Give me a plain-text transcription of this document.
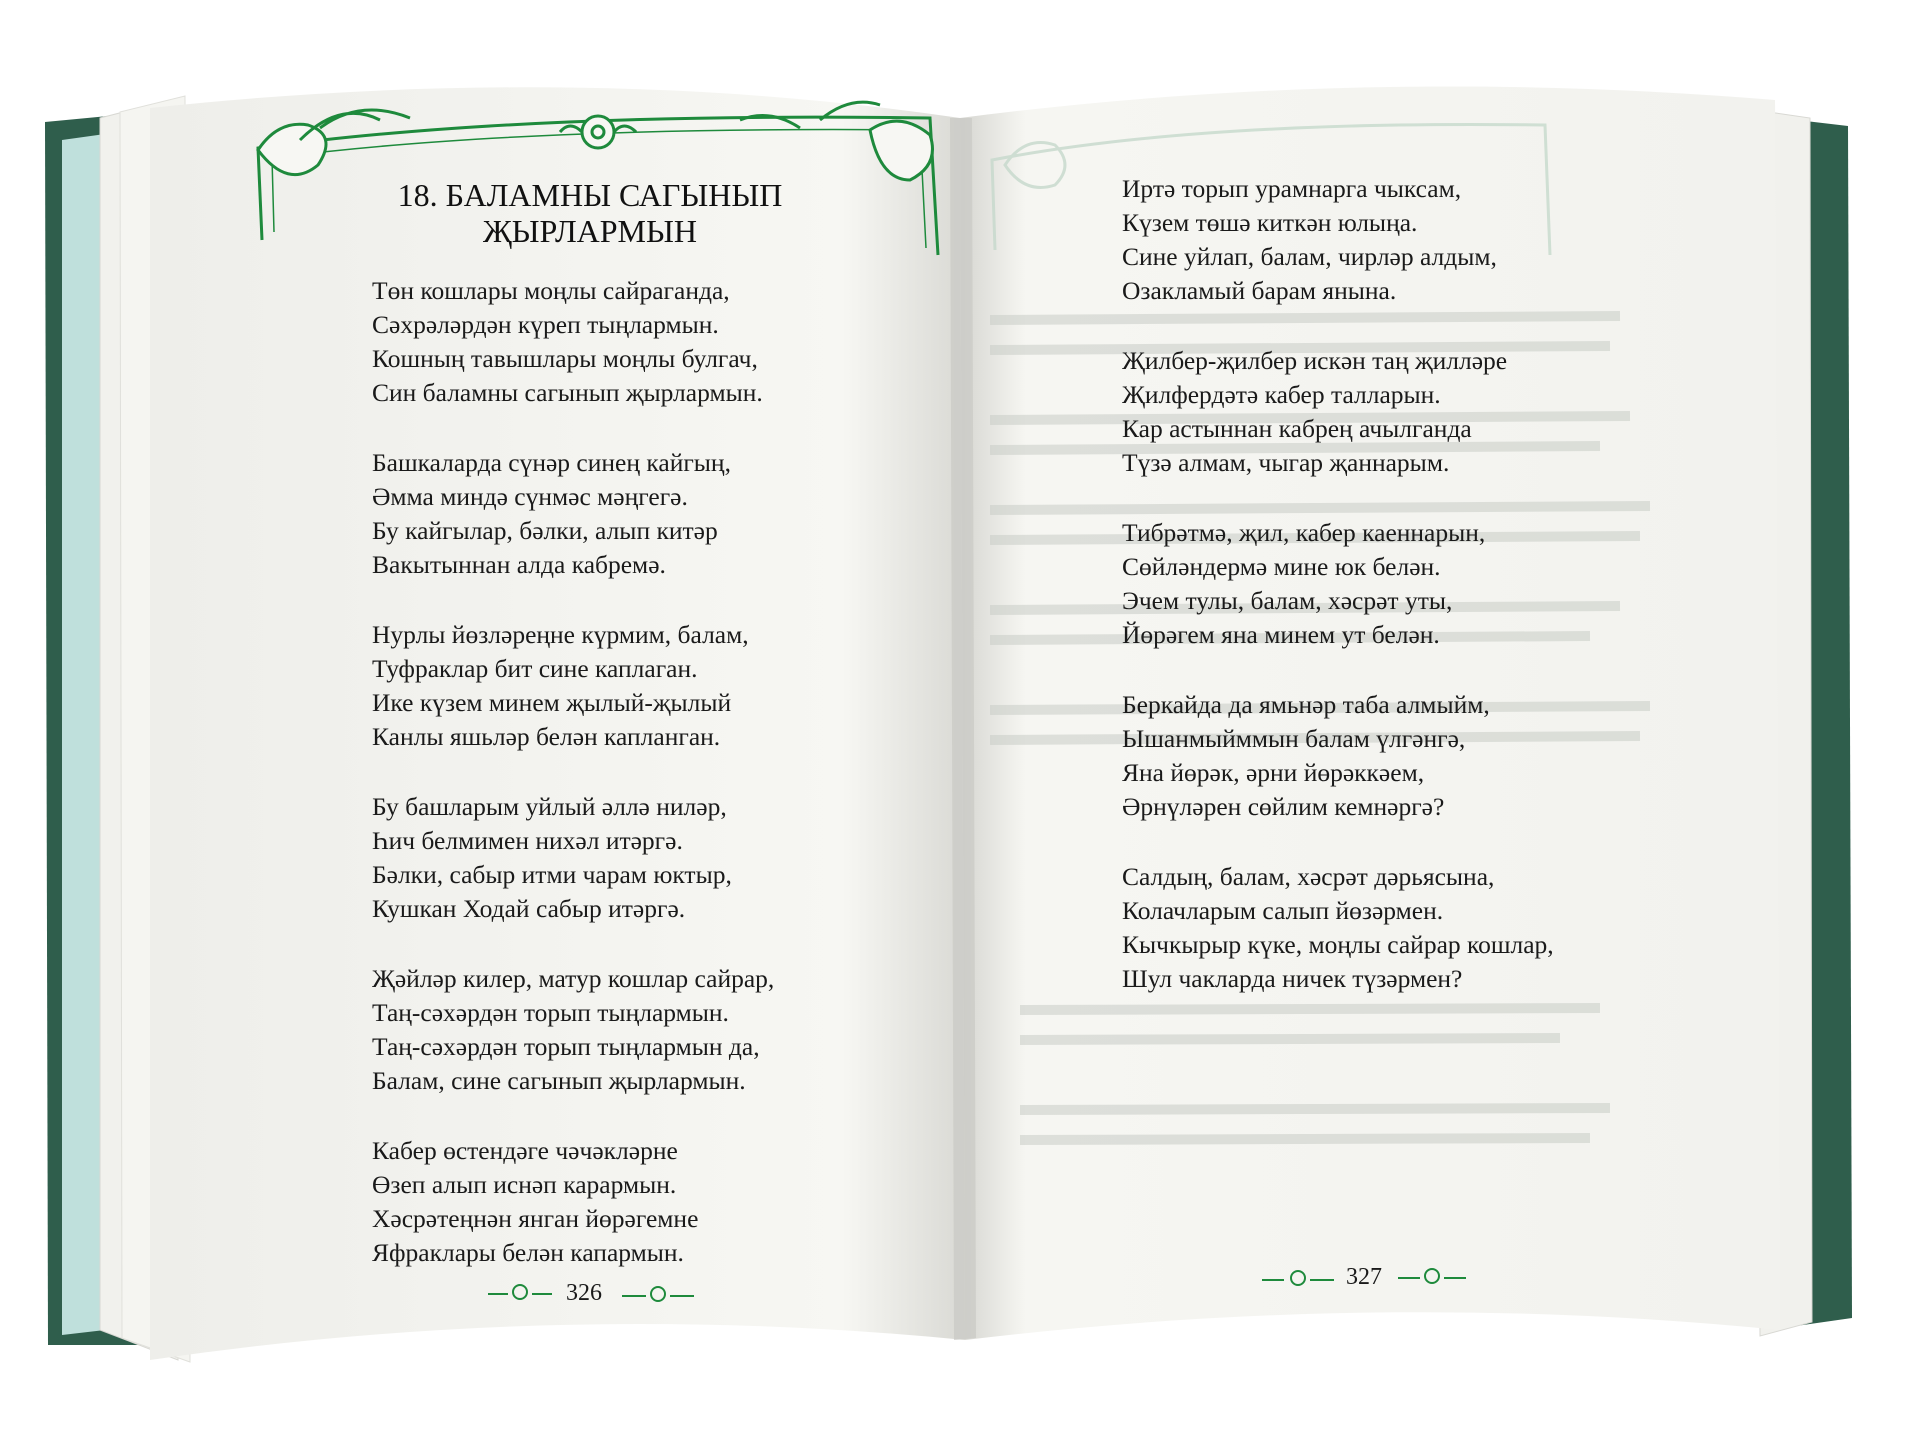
18. БАЛАМНЫ САГЫНЫП
ҖЫРЛАРМЫН
Төн кошлары моңлы сайраганда,
Сәхрәләрдән күреп тыңлармын.
Кошның тавышлары моңлы булгач,
Син баламны сагынып җырлармын.
Башкаларда сүнәр синең кайгың,
Әмма миндә сүнмәс мәңгегә.
Бу кайгылар, бәлки, алып китәр
Вакытыннан алда кабремә.
Нурлы йөзләреңне күрмим, балам,
Туфраклар бит сине каплаган.
Ике күзем минем җылый-җылый
Канлы яшьләр белән капланган.
Бу башларым уйлый әллә ниләр,
Һич белмимен нихәл итәргә.
Бәлки, сабыр итми чарам юктыр,
Кушкан Ходай сабыр итәргә.
Җәйләр килер, матур кошлар сайрар,
Таң-сәхәрдән торып тыңлармын.
Таң-сәхәрдән торып тыңлармын да,
Балам, сине сагынып җырлармын.
Кабер өстендәге чәчәкләрне
Өзеп алып иснәп карармын.
Хәсрәтеңнән янган йөрәгемне
Яфраклары белән капармын.
Иртә торып урамнарга чыксам,
Күзем төшә киткән юлыңа.
Сине уйлап, балам, чирләр алдым,
Озакламый барам янына.
Җилбер-җилбер искән таң җилләре
Җилфердәтә кабер талларын.
Кар астыннан кабрең ачылганда
Түзә алмам, чыгар җаннарым.
Тибрәтмә, җил, кабер каеннарын,
Сөйләндермә мине юк белән.
Эчем тулы, балам, хәсрәт уты,
Йөрәгем яна минем ут белән.
Беркайда да ямьнәр таба алмыйм,
Ышанмыйммын балам үлгәнгә,
Яна йөрәк, әрни йөрәккәем,
Әрнүләрен сөйлим кемнәргә?
Салдың, балам, хәсрәт дәрьясына,
Колачларым салып йөзәрмен.
Кычкырыр күке, моңлы сайрар кошлар,
Шул чакларда ничек түзәрмен?
326
327
